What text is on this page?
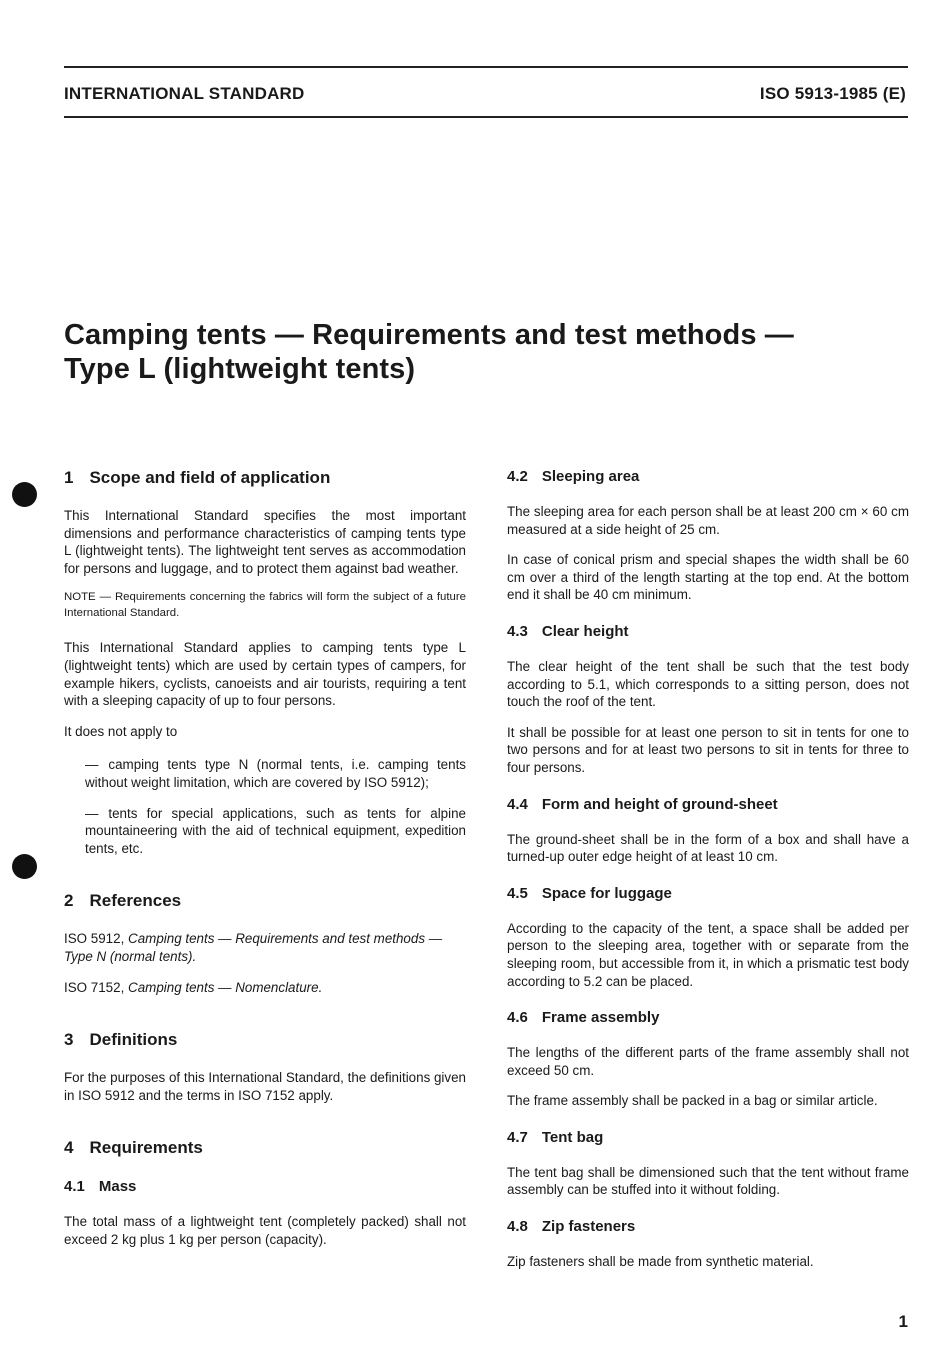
INTERNATIONAL STANDARD	ISO 5913-1985 (E)
Camping tents — Requirements and test methods —
Type L (lightweight tents)
1 Scope and field of application

This International Standard specifies the most important dimensions and performance characteristics of camping tents type L (lightweight tents). The lightweight tent serves as accommodation for persons and luggage, and to protect them against bad weather.

NOTE — Requirements concerning the fabrics will form the subject of a future International Standard.

This International Standard applies to camping tents type L (lightweight tents) which are used by certain types of campers, for example hikers, cyclists, canoeists and air tourists, requiring a tent with a sleeping capacity of up to four persons.

It does not apply to

— camping tents type N (normal tents, i.e. camping tents without weight limitation, which are covered by ISO 5912);

— tents for special applications, such as tents for alpine mountaineering with the aid of technical equipment, expedition tents, etc.

2 References

ISO 5912, Camping tents — Requirements and test methods — Type N (normal tents).

ISO 7152, Camping tents — Nomenclature.

3 Definitions

For the purposes of this International Standard, the definitions given in ISO 5912 and the terms in ISO 7152 apply.

4 Requirements
4.1 Mass

The total mass of a lightweight tent (completely packed) shall not exceed 2 kg plus 1 kg per person (capacity).

4.2 Sleeping area

The sleeping area for each person shall be at least 200 cm × 60 cm measured at a side height of 25 cm.

In case of conical prism and special shapes the width shall be 60 cm over a third of the length starting at the top end. At the bottom end it shall be 40 cm minimum.

4.3 Clear height

The clear height of the tent shall be such that the test body according to 5.1, which corresponds to a sitting person, does not touch the roof of the tent.

It shall be possible for at least one person to sit in tents for one to two persons and for at least two persons to sit in tents for three to four persons.

4.4 Form and height of ground-sheet

The ground-sheet shall be in the form of a box and shall have a turned-up outer edge height of at least 10 cm.

4.5 Space for luggage

According to the capacity of the tent, a space shall be added per person to the sleeping area, together with or separate from the sleeping room, but accessible from it, in which a prismatic test body according to 5.2 can be placed.

4.6 Frame assembly

The lengths of the different parts of the frame assembly shall not exceed 50 cm.

The frame assembly shall be packed in a bag or similar article.

4.7 Tent bag

The tent bag shall be dimensioned such that the tent without frame assembly can be stuffed into it without folding.

4.8 Zip fasteners

Zip fasteners shall be made from synthetic material.

1
